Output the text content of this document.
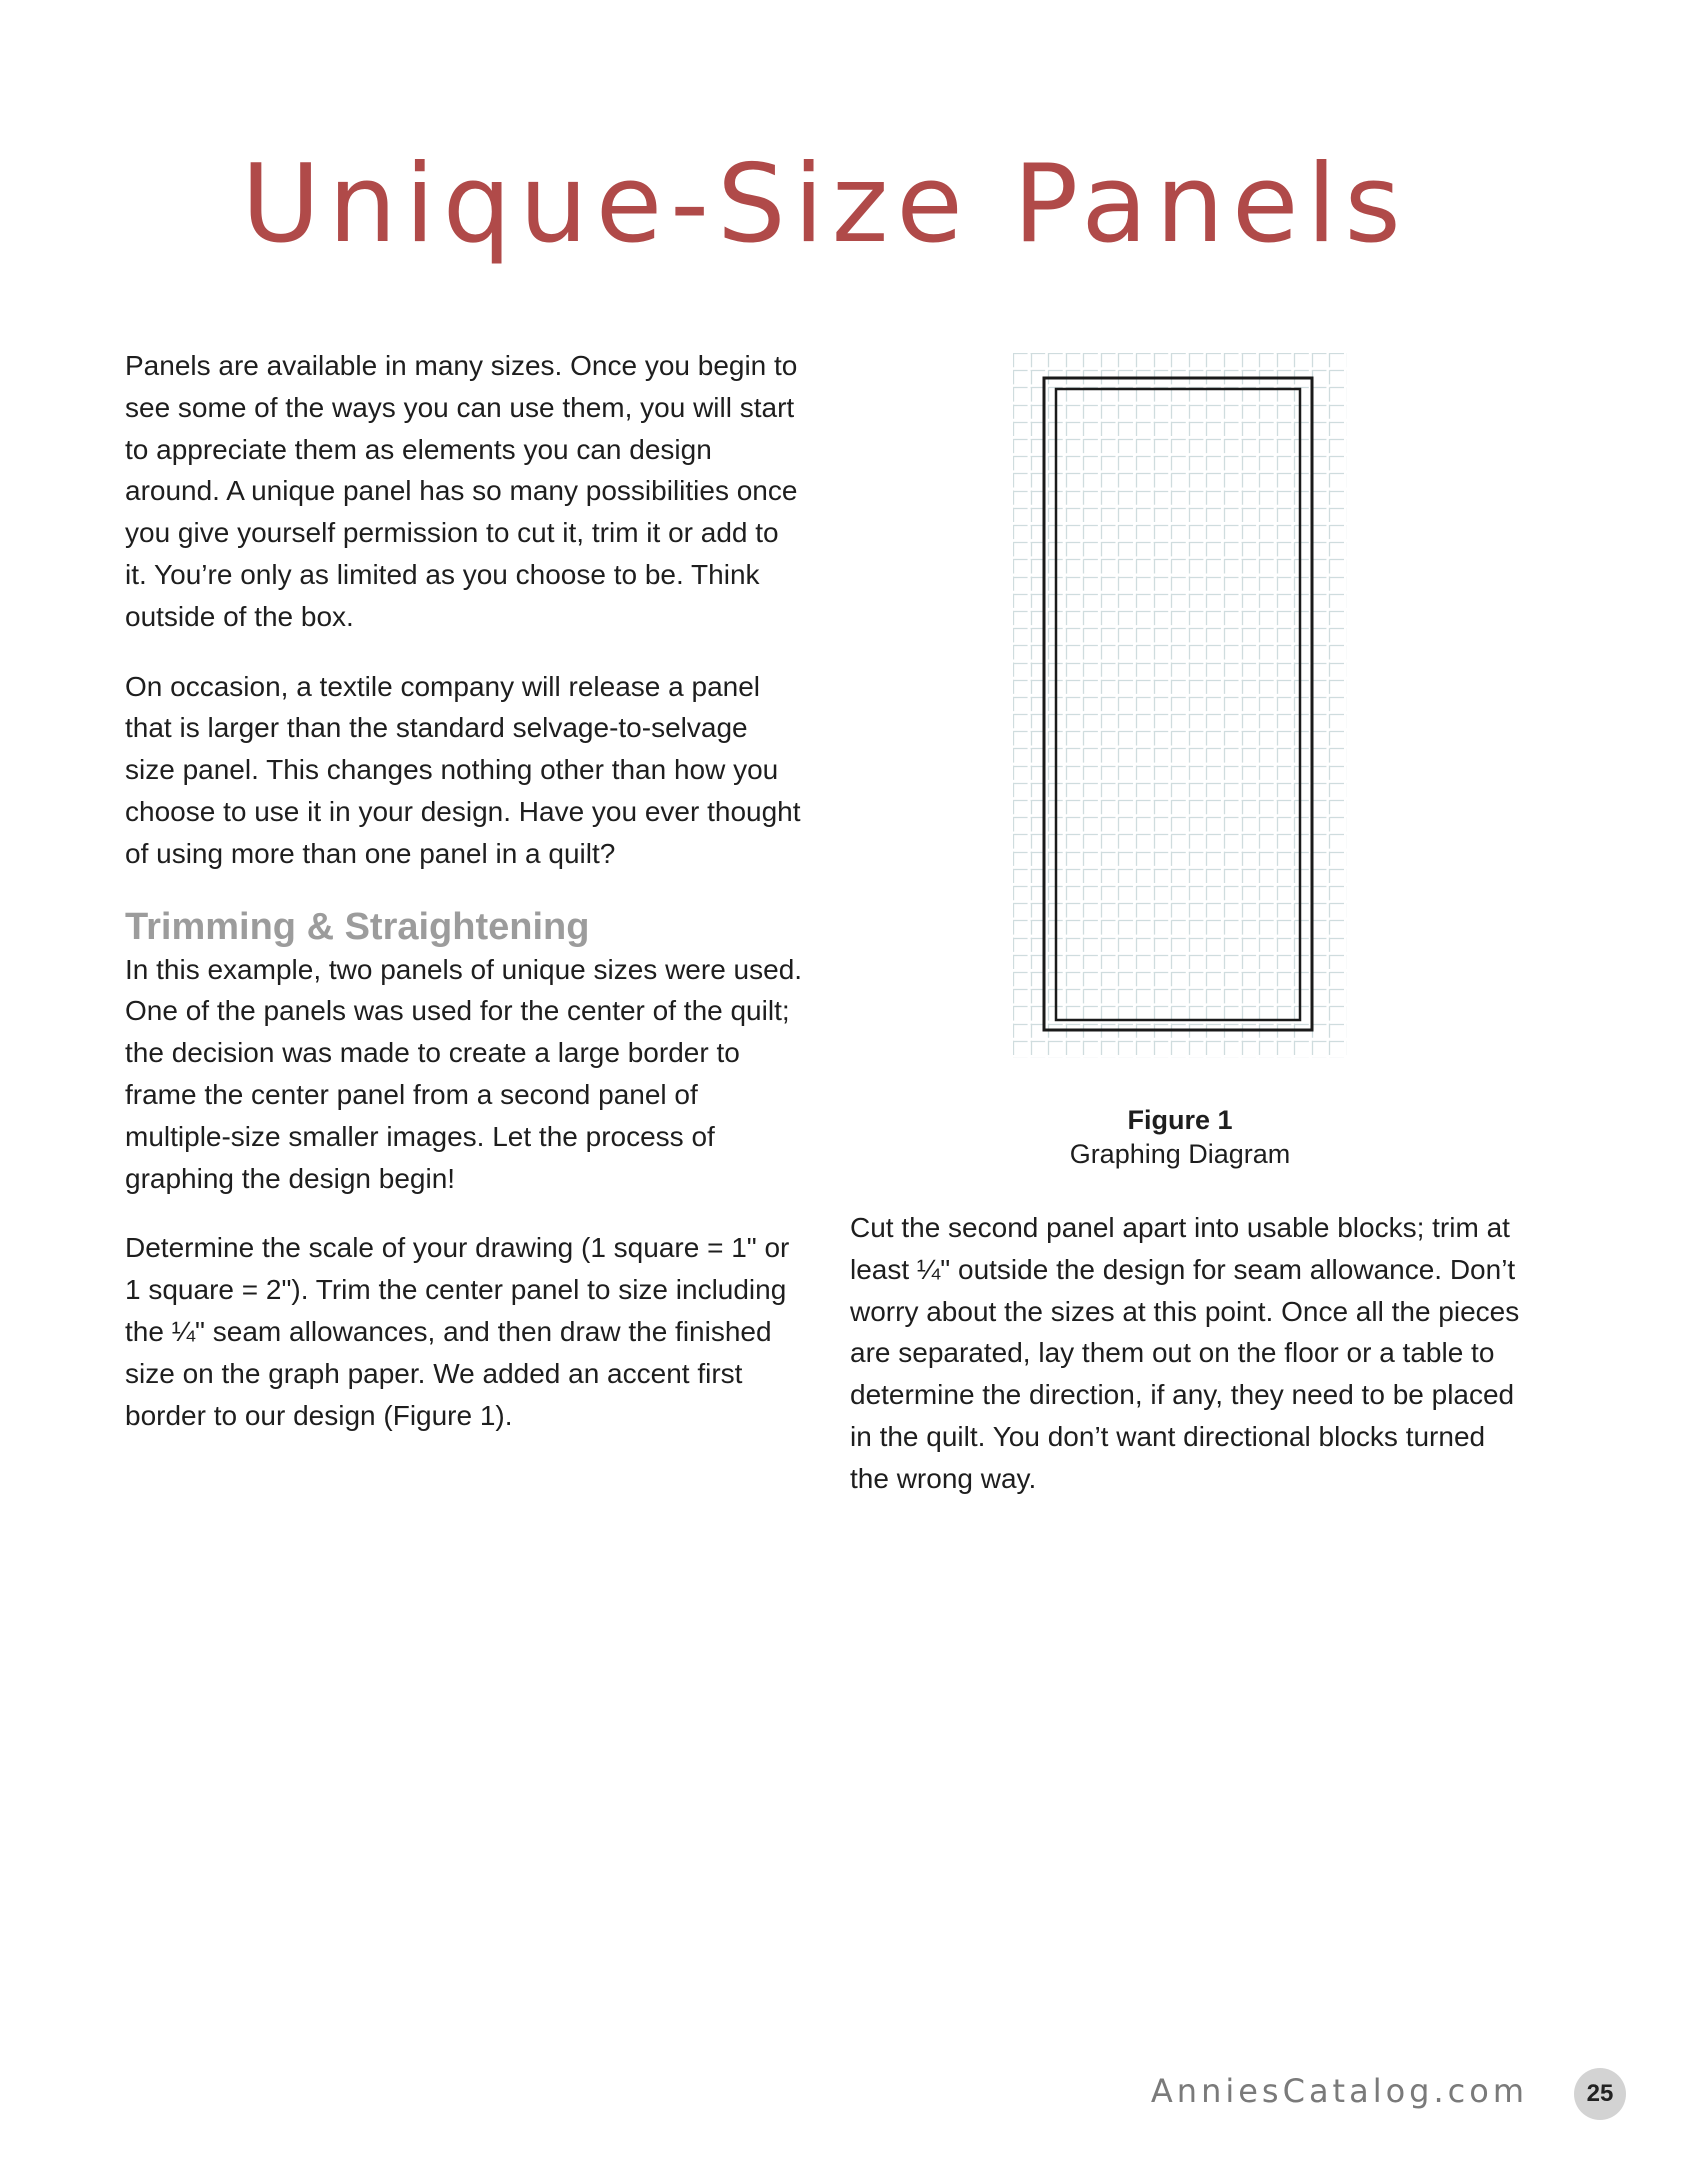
Unique-Size Panels

Panels are available in many sizes. Once you begin to see some of the ways you can use them, you will start to appreciate them as elements you can design around. A unique panel has so many possibilities once you give yourself permission to cut it, trim it or add to it. You’re only as limited as you choose to be. Think outside of the box.

On occasion, a textile company will release a panel that is larger than the standard selvage-to-selvage size panel. This changes nothing other than how you choose to use it in your design. Have you ever thought of using more than one panel in a quilt?

Trimming & Straightening

In this example, two panels of unique sizes were used. One of the panels was used for the center of the quilt; the decision was made to create a large border to frame the center panel from a second panel of multiple-size smaller images. Let the process of graphing the design begin!

Determine the scale of your drawing (1 square = 1" or 1 square = 2"). Trim the center panel to size including the ¼" seam allowances, and then draw the finished size on the graph paper. We added an accent first border to our design (Figure 1).

Figure 1
Graphing Diagram

Cut the second panel apart into usable blocks; trim at least ¼" outside the design for seam allowance. Don’t worry about the sizes at this point. Once all the pieces are separated, lay them out on the floor or a table to determine the direction, if any, they need to be placed in the quilt. You don’t want directional blocks turned the wrong way.

AnniesCatalog.com	25
